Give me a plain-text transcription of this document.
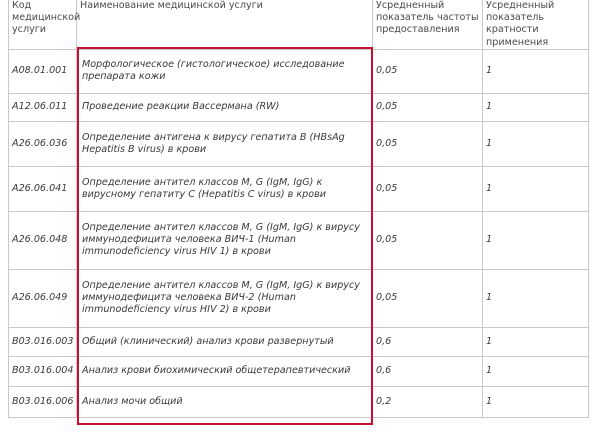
Код медицинской услуги	Наименование медицинской услуги	Усредненный показатель частоты предоставления	Усредненный показатель кратности применения
A08.01.001	Морфологическое (гистологическое) исследование препарата кожи	0,05	1
A12.06.011	Проведение реакции Вассермана (RW)	0,05	1
A26.06.036	Определение антигена к вирусу гепатита B (HBsAg Hepatitis B virus) в крови	0,05	1
A26.06.041	Определение антител классов M, G (IgM, IgG) к вирусному гепатиту C (Hepatitis C virus) в крови	0,05	1
A26.06.048	Определение антител классов M, G (IgM, IgG) к вирусу иммунодефицита человека ВИЧ-1 (Human immunodeficiency virus HIV 1) в крови	0,05	1
A26.06.049	Определение антител классов M, G (IgM, IgG) к вирусу иммунодефицита человека ВИЧ-2 (Human immunodeficiency virus HIV 2) в крови	0,05	1
B03.016.003	Общий (клинический) анализ крови развернутый	0,6	1
B03.016.004	Анализ крови биохимический общетерапевтический	0,6	1
B03.016.006	Анализ мочи общий	0,2	1
